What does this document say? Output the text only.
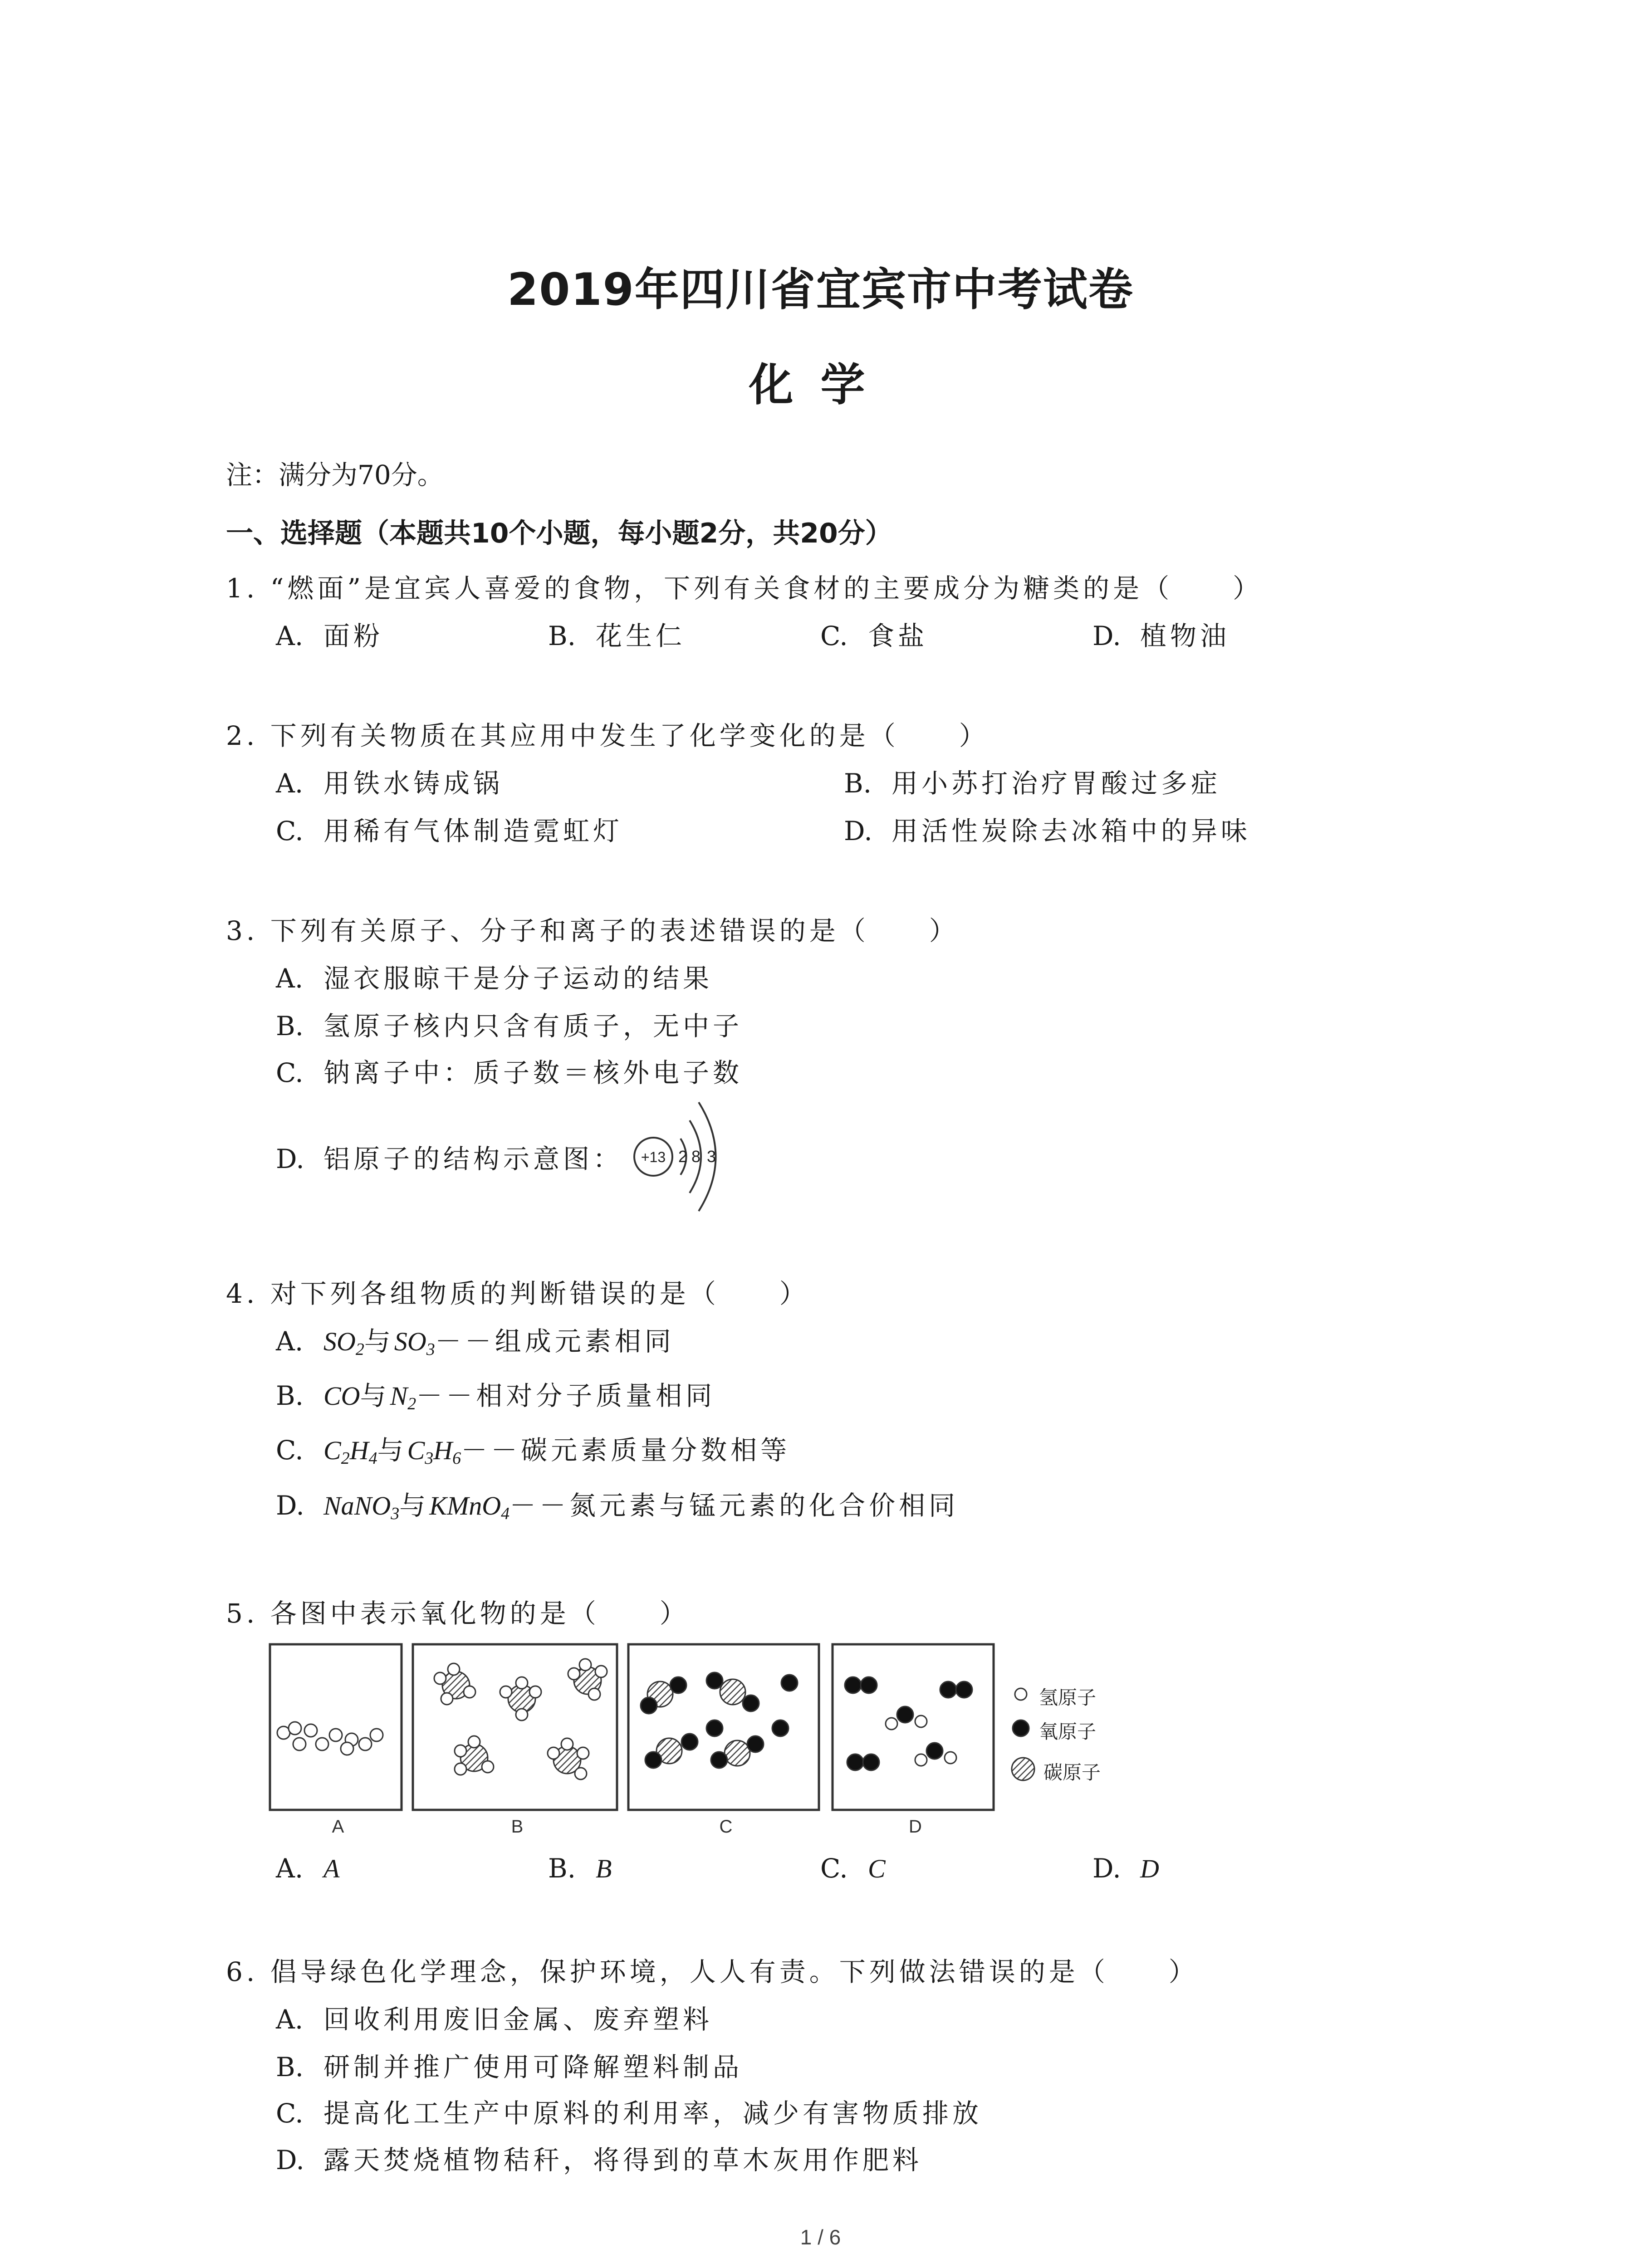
2019年四川省宜宾市中考试卷
化学
注：满分为70分。
一、选择题（本题共10个小题，每小题2分，共20分）
1. “燃面”是宜宾人喜爱的食物，下列有关食材的主要成分为糖类的是（　　）
A. 面粉	B. 花生仁	C. 食盐	D. 植物油
2. 下列有关物质在其应用中发生了化学变化的是（　　）
A. 用铁水铸成锅	B. 用小苏打治疗胃酸过多症
C. 用稀有气体制造霓虹灯	D. 用活性炭除去冰箱中的异味
3. 下列有关原子、分子和离子的表述错误的是（　　）
A. 湿衣服晾干是分子运动的结果
B. 氢原子核内只含有质子，无中子
C. 钠离子中：质子数＝核外电子数
D. 铝原子的结构示意图： +13 2 8 3
4. 对下列各组物质的判断错误的是（　　）
A. $SO_2$与$SO_3--$组成元素相同
B. CO与$N_2--$相对分子质量相同
C. $C_2H_4$与$C_3H_6--$碳元素质量分数相等
D. NaNO$_3$与KMnO$_4$－－氮元素与锰元素的化合价相同
5. 各图中表示氧化物的是（　　）
氢原子
氧原子
碳原子
A	B	C	D
A. A	B. B	C. C	D. D
6. 倡导绿色化学理念，保护环境，人人有责。下列做法错误的是（　　）
A. 回收利用废旧金属、废弃塑料
B. 研制并推广使用可降解塑料制品
C. 提高化工生产中原料的利用率，减少有害物质排放
D. 露天焚烧植物秸秆，将得到的草木灰用作肥料
1 / 6
